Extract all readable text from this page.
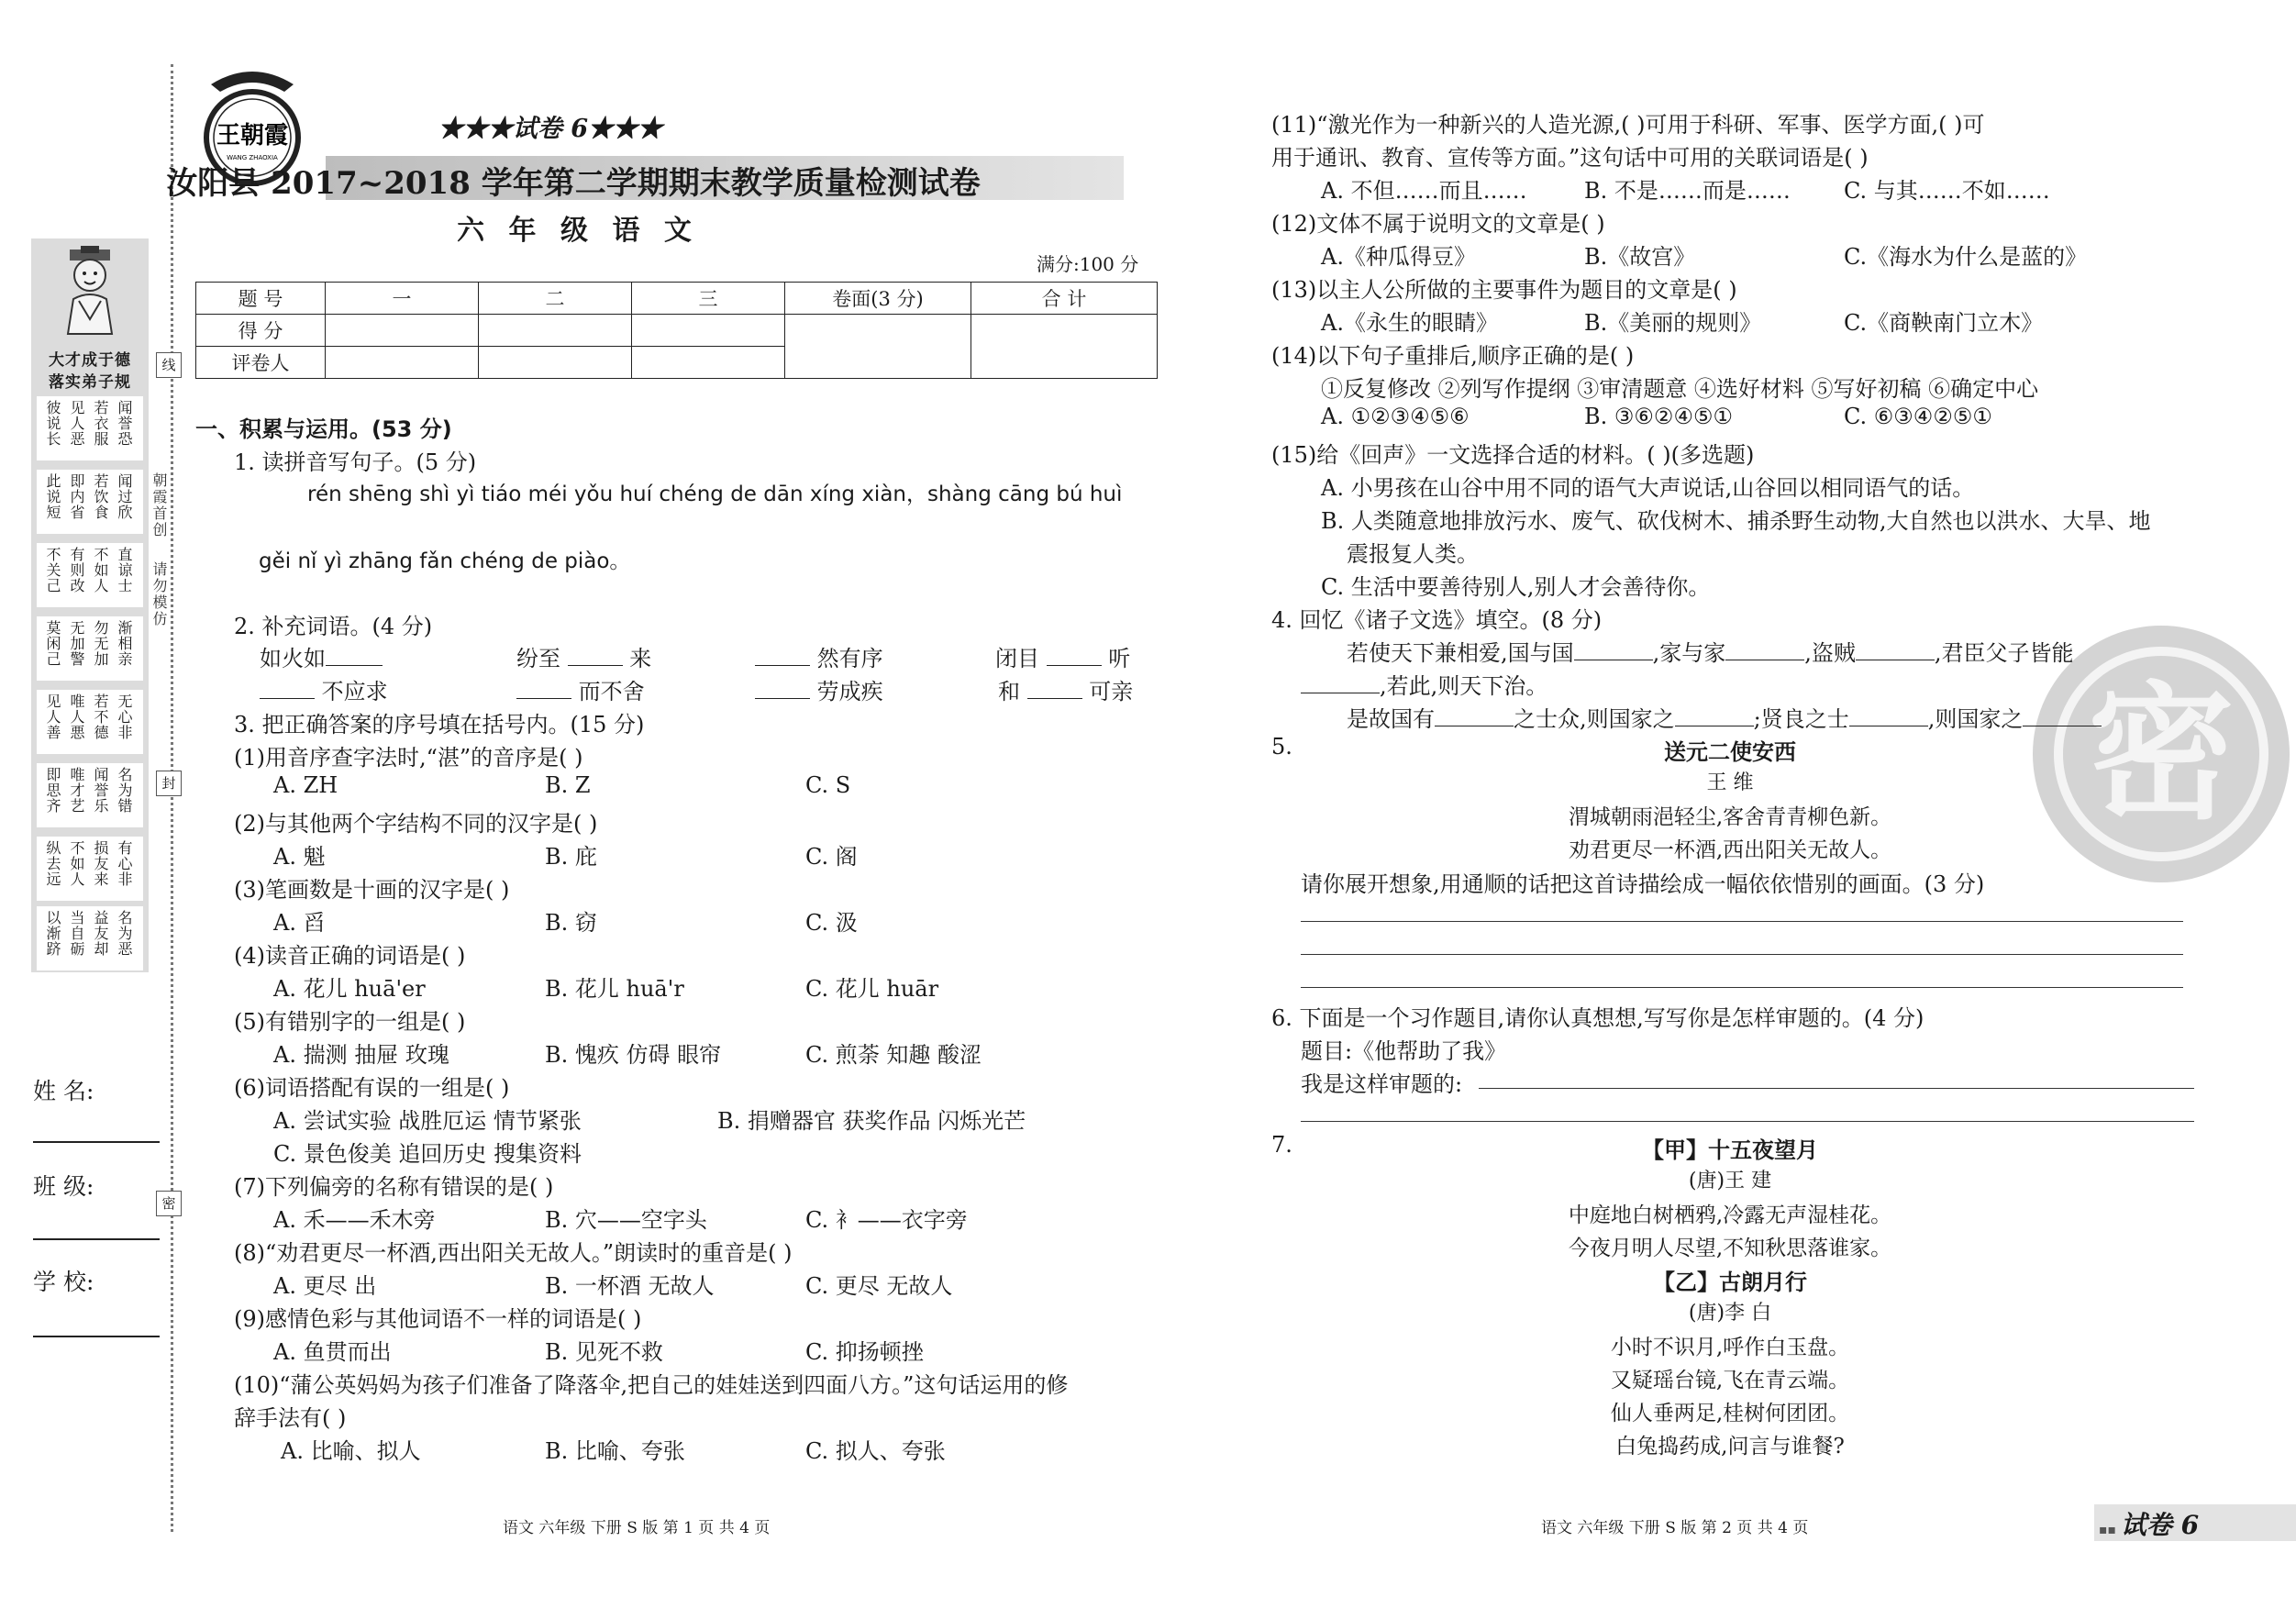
大才成于德
落实弟子规
闻誉恐
若衣服
见人恶
彼说长
闻过欣
若饮食
即内省
此说短
直谅士
不如人
有则改
不关己
渐相亲
勿无加
无加警
莫闲己
无心非
若不德
唯人悪
见人善
名为错
闻誉乐
唯才艺
即思齐
有心非
损友来
不如人
纵去远
名为恶
益友却
当自砺
以渐跻
线
朝霞首创
请勿模仿
封
密
姓 名:
班 级:
学 校:
王朝霞
WANG ZHAOXIA
★★★试卷 6★★★
汝阳县 2017~2018 学年第二学期期末教学质量检测试卷
六 年 级 语 文
满分:100 分
题 号	一	二	三	卷面(3 分)	合 计
得 分					
评卷人					
一、积累与运用。(53 分)
1. 读拼音写句子。(5 分)
rén shēng shì yì tiáo méi yǒu huí chéng de dān xíng xiàn，shàng cāng bú huì
gěi nǐ yì zhāng fǎn chéng de piào。
2. 补充词语。(4 分)
如火如	纷至	来	然有序	闭目	听
不应求	而不舍	劳成疾	和	可亲
3. 把正确答案的序号填在括号内。(15 分)
(1)用音序查字法时,“湛”的音序是( )
A. ZH	B. Z	C. S
(2)与其他两个字结构不同的汉字是( )
A. 魁	B. 庇	C. 阁
(3)笔画数是十画的汉字是( )
A. 舀	B. 窃	C. 汲
(4)读音正确的词语是( )
A. 花儿 huā'er	B. 花儿 huā'r	C. 花儿 huār
(5)有错别字的一组是( )
A. 揣测 抽屉 玫瑰	B. 愧疚 仿碍 眼帘	C. 煎荼 知趣 酸涩
(6)词语搭配有误的一组是( )
A. 尝试实验 战胜厄运 情节紧张	B. 捐赠器官 获奖作品 闪烁光芒
C. 景色俊美 追回历史 搜集资料
(7)下列偏旁的名称有错误的是( )
A. 禾——禾木旁	B. 穴——空字头	C. 衤——衣字旁
(8)“劝君更尽一杯酒,西出阳关无故人。”朗读时的重音是( )
A. 更尽 出	B. 一杯酒 无故人	C. 更尽 无故人
(9)感情色彩与其他词语不一样的词语是( )
A. 鱼贯而出	B. 见死不救	C. 抑扬顿挫
(10)“蒲公英妈妈为孩子们准备了降落伞,把自己的娃娃送到四面八方。”这句话运用的修
辞手法有( )
A. 比喻、拟人	B. 比喻、夸张	C. 拟人、夸张
语文 六年级 下册 S 版 第 1 页 共 4 页
密
(11)“激光作为一种新兴的人造光源,( )可用于科研、军事、医学方面,( )可
用于通讯、教育、宣传等方面。”这句话中可用的关联词语是( )
A. 不但……而且……	B. 不是……而是…… C. 与其……不如……
(12)文体不属于说明文的文章是( )
A.《种瓜得豆》	B.《故宫》	C.《海水为什么是蓝的》
(13)以主人公所做的主要事件为题目的文章是( )
A.《永生的眼睛》	B.《美丽的规则》	C.《商鞅南门立木》
(14)以下句子重排后,顺序正确的是( )
①反复修改 ②列写作提纲 ③审清题意 ④选好材料 ⑤写好初稿 ⑥确定中心
A. ①②③④⑤⑥	B. ③⑥②④⑤①	C. ⑥③④②⑤①
(15)给《回声》一文选择合适的材料。( )(多选题)
A. 小男孩在山谷中用不同的语气大声说话,山谷回以相同语气的话。
B. 人类随意地排放污水、废气、砍伐树木、捕杀野生动物,大自然也以洪水、大旱、地
震报复人类。
C. 生活中要善待别人,别人才会善待你。
4. 回忆《诸子文选》填空。(8 分)
若使天下兼相爱,国与国	,家与家	,盗贼	,君臣父子皆能
,若此,则天下治。
是故国有	之士众,则国家之	;贤良之士	,则国家之
5.	送元二使安西
王 维
渭城朝雨浥轻尘,客舍青青柳色新。
劝君更尽一杯酒,西出阳关无故人。
请你展开想象,用通顺的话把这首诗描绘成一幅依依惜别的画面。(3 分)
6. 下面是一个习作题目,请你认真想想,写写你是怎样审题的。(4 分)
题目:《他帮助了我》
我是这样审题的:
7.	【甲】十五夜望月
(唐)王 建
中庭地白树栖鸦,冷露无声湿桂花。
今夜月明人尽望,不知秋思落谁家。
【乙】古朗月行
(唐)李 白
小时不识月,呼作白玉盘。
又疑瑶台镜,飞在青云端。
仙人垂两足,桂树何团团。
白兔捣药成,问言与谁餐?
语文 六年级 下册 S 版 第 2 页 共 4 页	▪▪ 试卷 6
